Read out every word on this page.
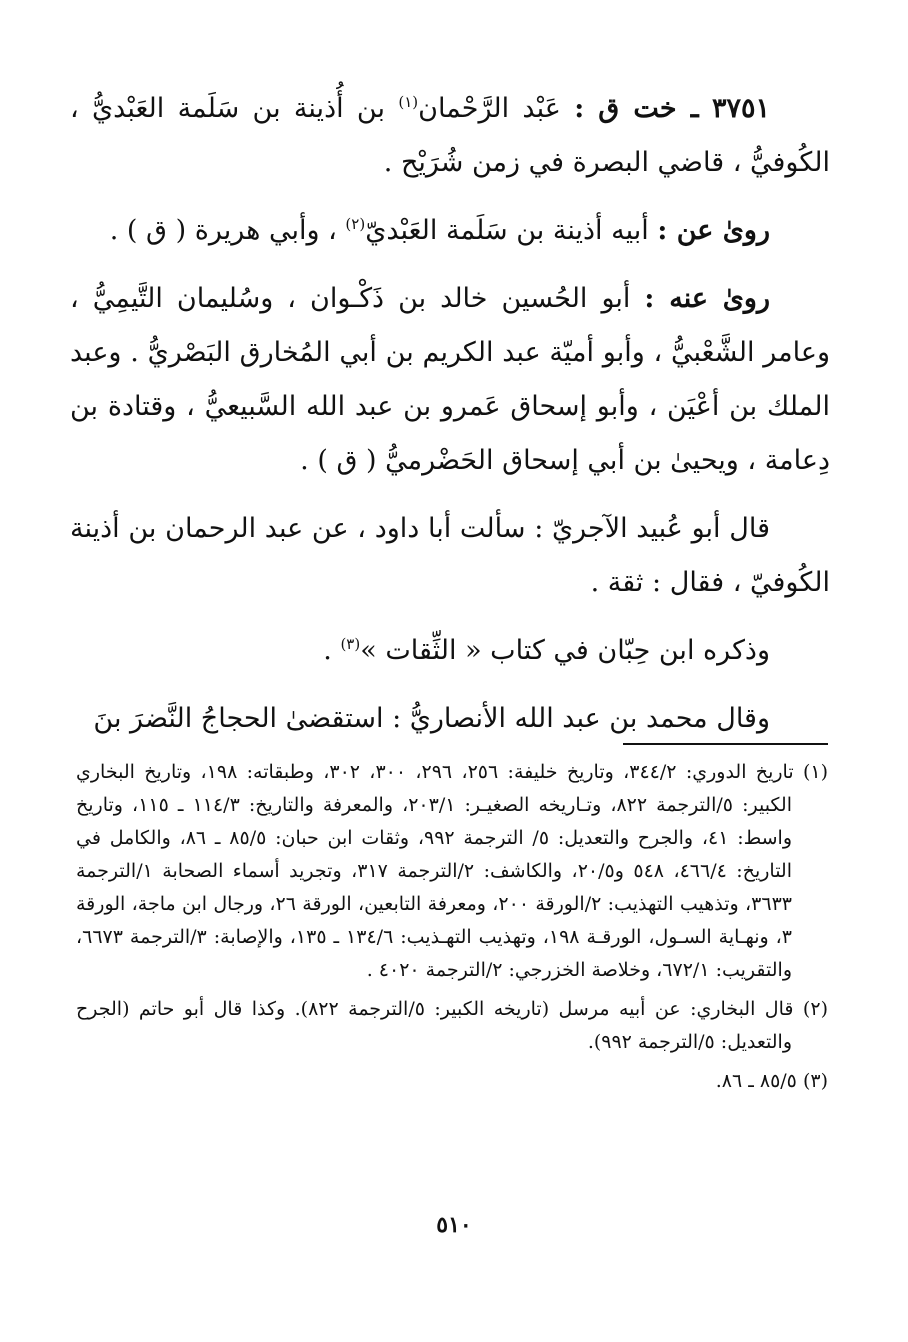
٣٧٥١ ـ خت ق : عَبْد الرَّحْمان$^{(١)}$ بن أُذينة بن سَلَمة العَبْديُّ ، الكُوفيُّ ، قاضي البصرة في زمن شُرَيْح .

روىٰ عن : أبيه أذينة بن سَلَمة العَبْديّ$^{(٢)}$ ، وأبي هريرة ( ق ) .

روىٰ عنه : أبو الحُسين خالد بن ذَكْـوان ، وسُليمان التَّيمِيُّ ، وعامر الشَّعْبيُّ ، وأبو أميّة عبد الكريم بن أبي المُخارق البَصْريُّ . وعبد الملك بن أعْيَن ، وأبو إسحاق عَمرو بن عبد الله السَّبيعيُّ ، وقتادة بن دِعامة ، ويحيىٰ بن أبي إسحاق الحَضْرميُّ ( ق ) .

قال أبو عُبيد الآجريّ : سألت أبا داود ، عن عبد الرحمان بن أذينة الكُوفيّ ، فقال : ثقة .

وذكره ابن حِبّان في كتاب « الثِّقات »$^{(٣)}$ .

وقال محمد بن عبد الله الأنصاريُّ : استقضىٰ الحجاجُ النَّضرَ بنَ

(١) تاريخ الدوري: ٣٤٤/٢، وتاريخ خليفة: ٢٥٦، ٢٩٦، ٣٠٠، ٣٠٢، وطبقاته: ١٩٨، وتاريخ البخاري الكبير: ٥/الترجمة ٨٢٢، وتـاريخه الصغيـر: ٢٠٣/١، والمعرفة والتاريخ: ١١٤/٣ ـ ١١٥، وتاريخ واسط: ٤١، والجرح والتعديل: ٥/ الترجمة ٩٩٢، وثقات ابن حبان: ٨٥/٥ ـ ٨٦، والكامل في التاريخ: ٤٦٦/٤، ٥٤٨ و٢٠/٥، والكاشف: ٢/الترجمة ٣١٧، وتجريد أسماء الصحابة ١/الترجمة ٣٦٣٣، وتذهيب التهذيب: ٢/الورقة ٢٠٠، ومعرفة التابعين، الورقة ٢٦، ورجال ابن ماجة، الورقة ٣، ونهـاية السـول، الورقـة ١٩٨، وتهذيب التهـذيب: ١٣٤/٦ ـ ١٣٥، والإصابة: ٣/الترجمة ٦٦٧٣، والتقريب: ٦٧٢/١، وخلاصة الخزرجي: ٢/الترجمة ٤٠٢٠ .

(٢) قال البخاري: عن أبيه مرسل (تاريخه الكبير: ٥/الترجمة ٨٢٢). وكذا قال أبو حاتم (الجرح والتعديل: ٥/الترجمة ٩٩٢).

(٣) ٨٥/٥ ـ ٨٦.

٥١٠
